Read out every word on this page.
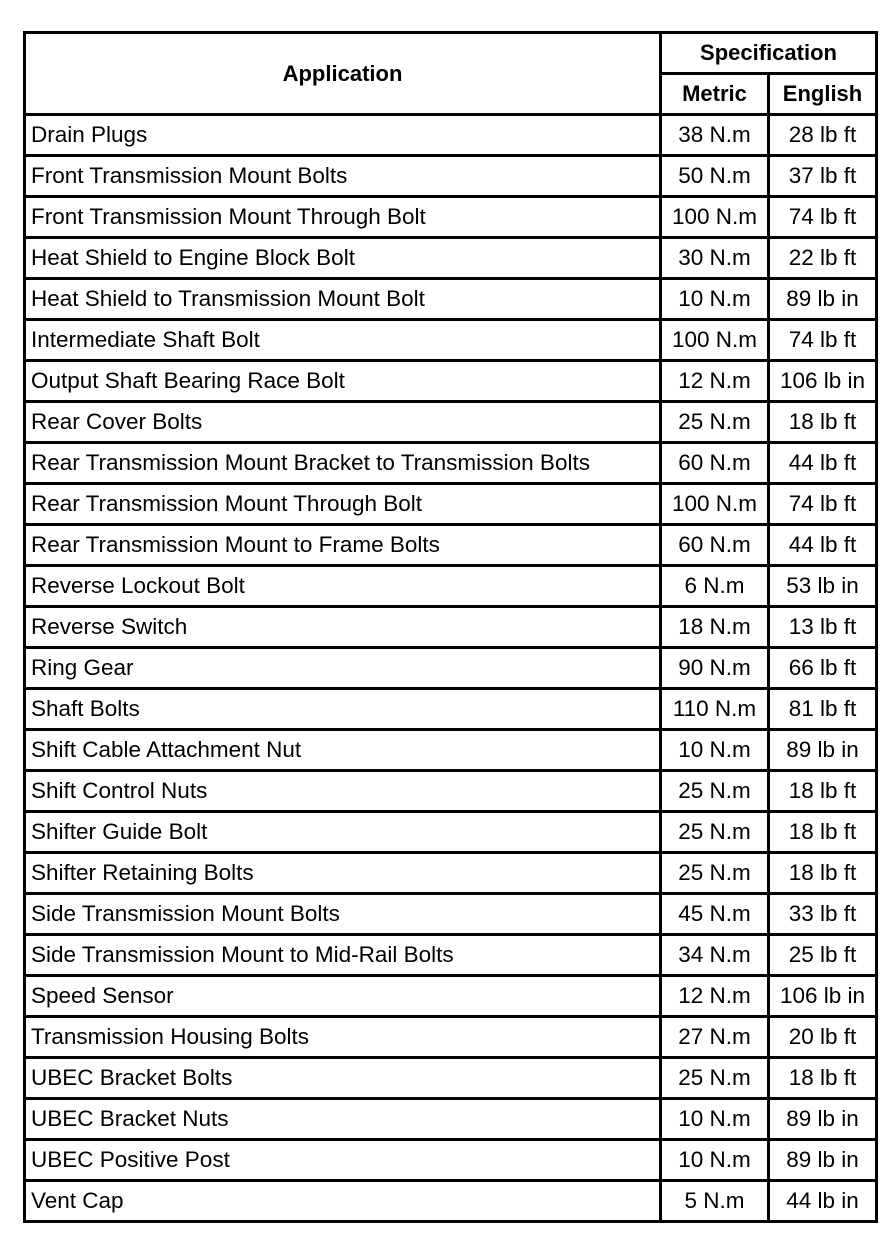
Application	Specification	
	Metric	English
Drain Plugs	38 N.m	28 lb ft
Front Transmission Mount Bolts	50 N.m	37 lb ft
Front Transmission Mount Through Bolt	100 N.m	74 lb ft
Heat Shield to Engine Block Bolt	30 N.m	22 lb ft
Heat Shield to Transmission Mount Bolt	10 N.m	89 lb in
Intermediate Shaft Bolt	100 N.m	74 lb ft
Output Shaft Bearing Race Bolt	12 N.m	106 lb in
Rear Cover Bolts	25 N.m	18 lb ft
Rear Transmission Mount Bracket to Transmission Bolts	60 N.m	44 lb ft
Rear Transmission Mount Through Bolt	100 N.m	74 lb ft
Rear Transmission Mount to Frame Bolts	60 N.m	44 lb ft
Reverse Lockout Bolt	6 N.m	53 lb in
Reverse Switch	18 N.m	13 lb ft
Ring Gear	90 N.m	66 lb ft
Shaft Bolts	110 N.m	81 lb ft
Shift Cable Attachment Nut	10 N.m	89 lb in
Shift Control Nuts	25 N.m	18 lb ft
Shifter Guide Bolt	25 N.m	18 lb ft
Shifter Retaining Bolts	25 N.m	18 lb ft
Side Transmission Mount Bolts	45 N.m	33 lb ft
Side Transmission Mount to Mid-Rail Bolts	34 N.m	25 lb ft
Speed Sensor	12 N.m	106 lb in
Transmission Housing Bolts	27 N.m	20 lb ft
UBEC Bracket Bolts	25 N.m	18 lb ft
UBEC Bracket Nuts	10 N.m	89 lb in
UBEC Positive Post	10 N.m	89 lb in
Vent Cap	5 N.m	44 lb in
